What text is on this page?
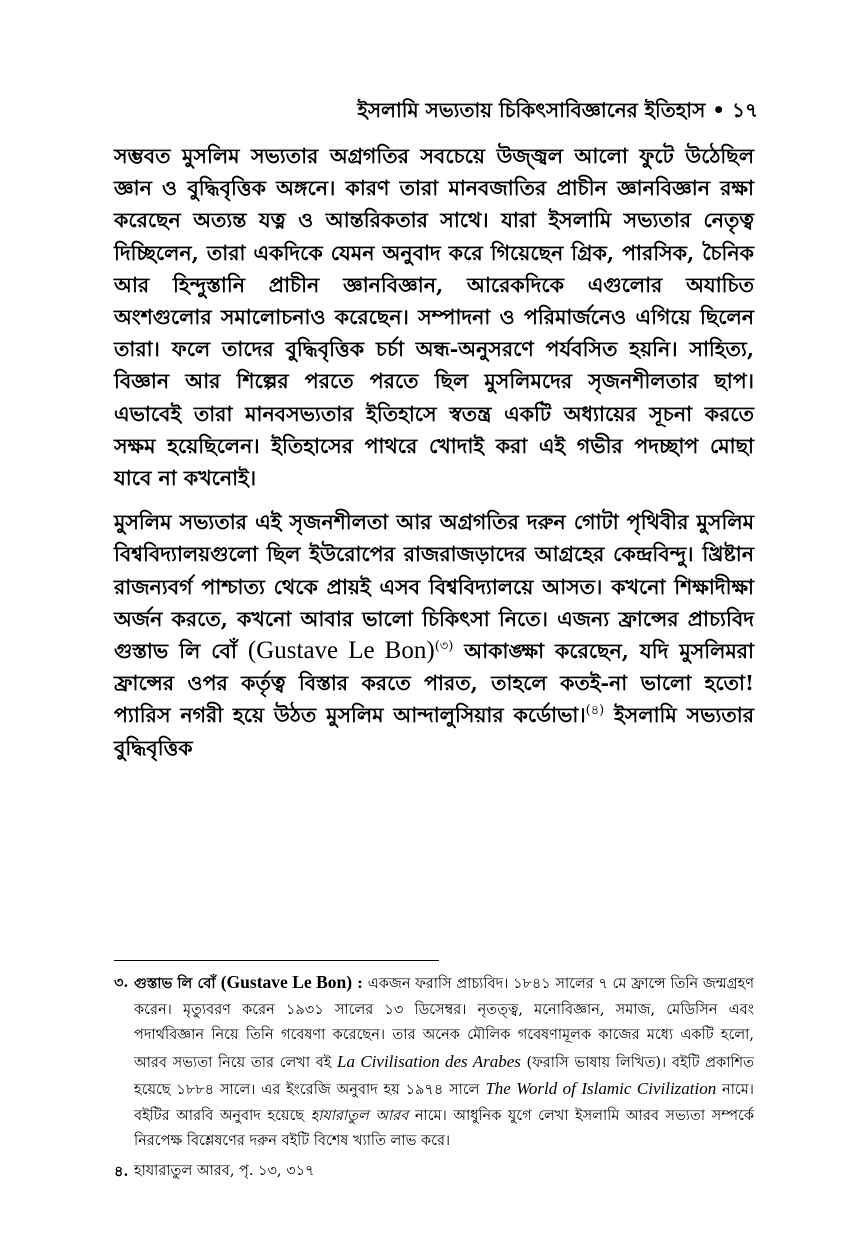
ইসলামি সভ্যতায় চিকিৎসাবিজ্ঞানের ইতিহাস • ১৭

সম্ভবত মুসলিম সভ্যতার অগ্রগতির সবচেয়ে উজ্জ্বল আলো ফুটে উঠেছিল জ্ঞান ও বুদ্ধিবৃত্তিক অঙ্গনে। কারণ তারা মানবজাতির প্রাচীন জ্ঞানবিজ্ঞান রক্ষা করেছেন অত্যন্ত যত্ন ও আন্তরিকতার সাথে। যারা ইসলামি সভ্যতার নেতৃত্ব দিচ্ছিলেন, তারা একদিকে যেমন অনুবাদ করে গিয়েছেন গ্রিক, পারসিক, চৈনিক আর হিন্দুস্তানি প্রাচীন জ্ঞানবিজ্ঞান, আরেকদিকে এগুলোর অযাচিত অংশগুলোর সমালোচনাও করেছেন। সম্পাদনা ও পরিমার্জনেও এগিয়ে ছিলেন তারা। ফলে তাদের বুদ্ধিবৃত্তিক চর্চা অন্ধ-অনুসরণে পর্যবসিত হয়নি। সাহিত্য, বিজ্ঞান আর শিল্পের পরতে পরতে ছিল মুসলিমদের সৃজনশীলতার ছাপ। এভাবেই তারা মানবসভ্যতার ইতিহাসে স্বতন্ত্র একটি অধ্যায়ের সূচনা করতে সক্ষম হয়েছিলেন। ইতিহাসের পাথরে খোদাই করা এই গভীর পদচ্ছাপ মোছা যাবে না কখনোই।

মুসলিম সভ্যতার এই সৃজনশীলতা আর অগ্রগতির দরুন গোটা পৃথিবীর মুসলিম বিশ্ববিদ্যালয়গুলো ছিল ইউরোপের রাজরাজড়াদের আগ্রহের কেন্দ্রবিন্দু। খ্রিষ্টান রাজন্যবর্গ পাশ্চাত্য থেকে প্রায়ই এসব বিশ্ববিদ্যালয়ে আসত। কখনো শিক্ষাদীক্ষা অর্জন করতে, কখনো আবার ভালো চিকিৎসা নিতে। এজন্য ফ্রান্সের প্রাচ্যবিদ গুস্তাভ লি বোঁ (Gustave Le Bon)$^{(৩)}$ আকাঙ্ক্ষা করেছেন, যদি মুসলিমরা ফ্রান্সের ওপর কর্তৃত্ব বিস্তার করতে পারত, তাহলে কতই-না ভালো হতো! প্যারিস নগরী হয়ে উঠত মুসলিম আন্দালুসিয়ার কর্ডোভা।$^{(৪)}$ ইসলামি সভ্যতার বুদ্ধিবৃত্তিক

৩. গুস্তাভ লি বোঁ (Gustave Le Bon) : একজন ফরাসি প্রাচ্যবিদ। ১৮৪১ সালের ৭ মে ফ্রান্সে তিনি জন্মগ্রহণ করেন। মৃত্যুবরণ করেন ১৯৩১ সালের ১৩ ডিসেম্বর। নৃতত্ত্ব, মনোবিজ্ঞান, সমাজ, মেডিসিন এবং পদার্থবিজ্ঞান নিয়ে তিনি গবেষণা করেছেন। তার অনেক মৌলিক গবেষণামূলক কাজের মধ্যে একটি হলো, আরব সভ্যতা নিয়ে তার লেখা বই La Civilisation des Arabes (ফরাসি ভাষায় লিখিত)। বইটি প্রকাশিত হয়েছে ১৮৮৪ সালে। এর ইংরেজি অনুবাদ হয় ১৯৭৪ সালে The World of Islamic Civilization নামে। বইটির আরবি অনুবাদ হয়েছে হাযারাতুল আরব নামে। আধুনিক যুগে লেখা ইসলামি আরব সভ্যতা সম্পর্কে নিরপেক্ষ বিশ্লেষণের দরুন বইটি বিশেষ খ্যাতি লাভ করে।
৪. হাযারাতুল আরব, পৃ. ১৩, ৩১৭
